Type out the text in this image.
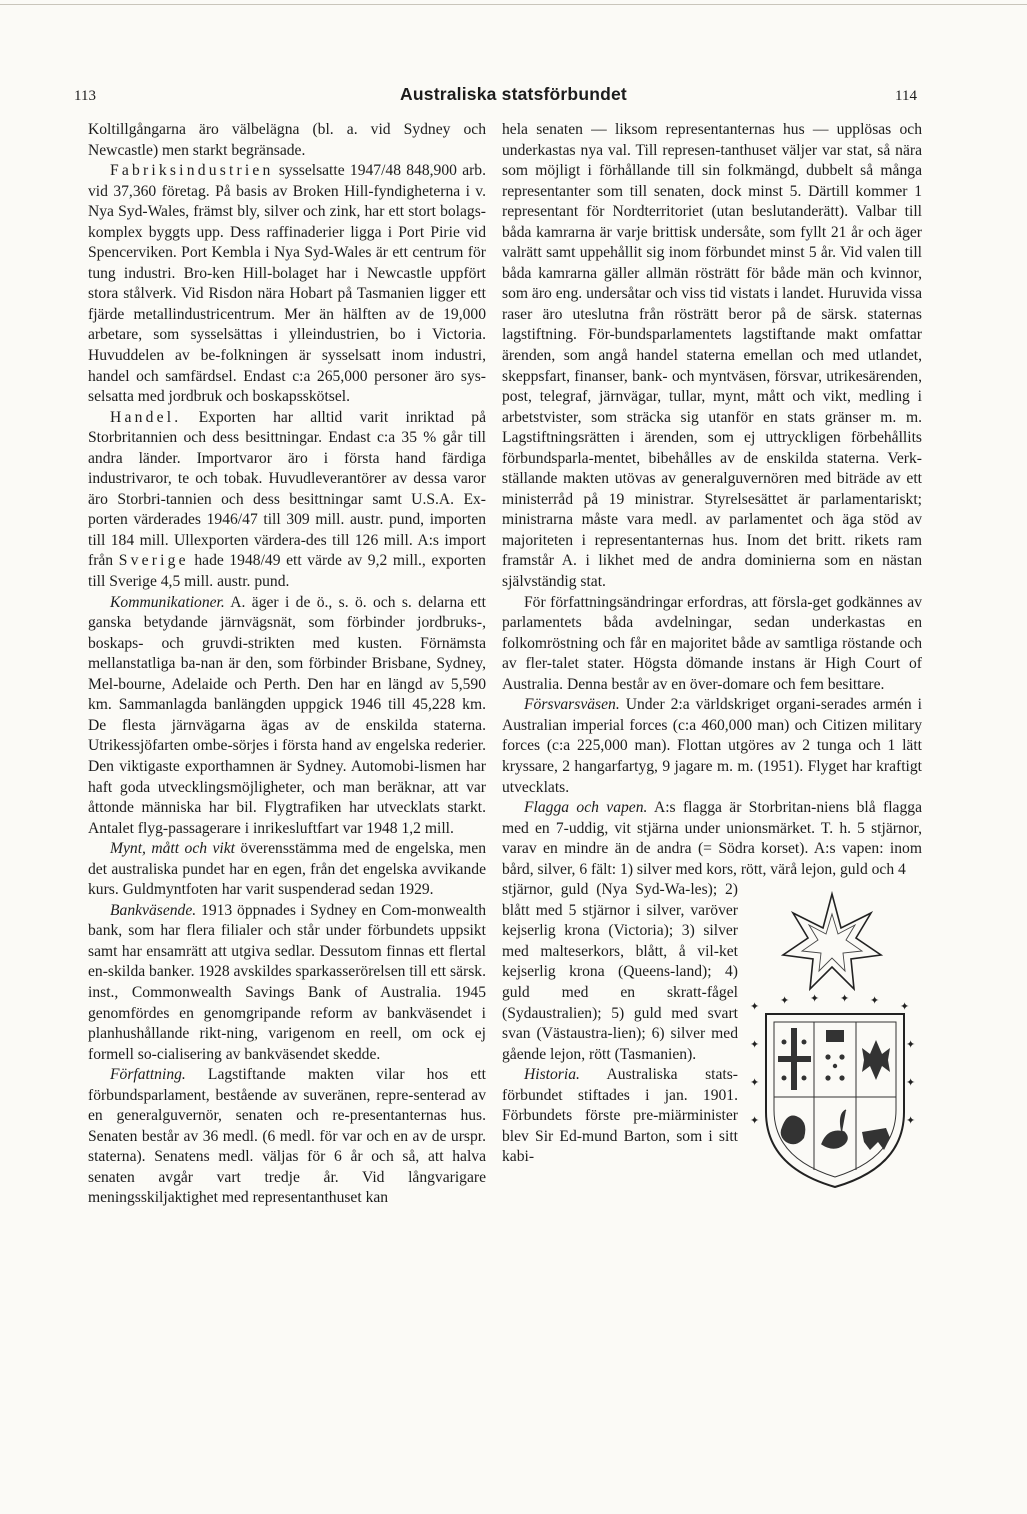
113	Australiska statsförbundet	114

Koltillgångarna äro välbelägna (bl. a. vid Sydney och Newcastle) men starkt begränsade.

Fabriksindustrien sysselsatte 1947/48 848,900 arb. vid 37,360 företag. På basis av Broken Hill-fyndigheterna i v. Nya Syd-Wales, främst bly, silver och zink, har ett stort bolags-komplex byggts upp. Dess raffinaderier ligga i Port Pirie vid Spencerviken. Port Kembla i Nya Syd-Wales är ett centrum för tung industri. Bro-ken Hill-bolaget har i Newcastle uppfört stora stålverk. Vid Risdon nära Hobart på Tasmanien ligger ett fjärde metallindustricentrum. Mer än hälften av de 19,000 arbetare, som sysselsättas i ylleindustrien, bo i Victoria. Huvuddelen av be-folkningen är sysselsatt inom industri, handel och samfärdsel. Endast c:a 265,000 personer äro sys-selsatta med jordbruk och boskapsskötsel.

Handel. Exporten har alltid varit inriktad på Storbritannien och dess besittningar. Endast c:a 35 % går till andra länder. Importvaror äro i första hand färdiga industrivaror, te och tobak. Huvudleverantörer av dessa varor äro Storbri-tannien och dess besittningar samt U.S.A. Ex-porten värderades 1946/47 till 309 mill. austr. pund, importen till 184 mill. Ullexporten värdera-des till 126 mill. A:s import från Sverige hade 1948/49 ett värde av 9,2 mill., exporten till Sverige 4,5 mill. austr. pund.

Kommunikationer. A. äger i de ö., s. ö. och s. delarna ett ganska betydande järnvägsnät, som förbinder jordbruks-, boskaps- och gruvdi-strikten med kusten. Förnämsta mellanstatliga ba-nan är den, som förbinder Brisbane, Sydney, Mel-bourne, Adelaide och Perth. Den har en längd av 5,590 km. Sammanlagda banlängden uppgick 1946 till 45,228 km. De flesta järnvägarna ägas av de enskilda staterna. Utrikessjöfarten ombe-sörjes i första hand av engelska rederier. Den viktigaste exporthamnen är Sydney. Automobi-lismen har haft goda utvecklingsmöjligheter, och man beräknar, att var åttonde människa har bil. Flygtrafiken har utvecklats starkt. Antalet flyg-passagerare i inrikesluftfart var 1948 1,2 mill.

Mynt, mått och vikt överensstämma med de engelska, men det australiska pundet har en egen, från det engelska avvikande kurs. Guldmyntfoten har varit suspenderad sedan 1929.

Bankväsende. 1913 öppnades i Sydney en Com-monwealth bank, som har flera filialer och står under förbundets uppsikt samt har ensamrätt att utgiva sedlar. Dessutom finnas ett flertal en-skilda banker. 1928 avskildes sparkasserörelsen till ett särsk. inst., Commonwealth Savings Bank of Australia. 1945 genomfördes en genomgripande reform av bankväsendet i planhushållande rikt-ning, varigenom en reell, om ock ej formell so-cialisering av bankväsendet skedde.

Författning. Lagstiftande makten vilar hos ett förbundsparlament, bestående av suveränen, repre-senterad av en generalguvernör, senaten och re-presentanternas hus. Senaten består av 36 medl. (6 medl. för var och en av de urspr. staterna). Senatens medl. väljas för 6 år och så, att halva senaten avgår vart tredje år. Vid långvarigare meningsskiljaktighet med representanthuset kan

hela senaten — liksom representanternas hus — upplösas och underkastas nya val. Till represen-tanthuset väljer var stat, så nära som möjligt i förhållande till sin folkmängd, dubbelt så många representanter som till senaten, dock minst 5. Därtill kommer 1 representant för Nordterritoriet (utan beslutanderätt). Valbar till båda kamrarna är varje brittisk undersåte, som fyllt 21 år och äger valrätt samt uppehållit sig inom förbundet minst 5 år. Vid valen till båda kamrarna gäller allmän rösträtt för både män och kvinnor, som äro eng. undersåtar och viss tid vistats i landet. Huruvida vissa raser äro uteslutna från rösträtt beror på de särsk. staternas lagstiftning. För-bundsparlamentets lagstiftande makt omfattar ärenden, som angå handel staterna emellan och med utlandet, skeppsfart, finanser, bank- och myntväsen, försvar, utrikesärenden, post, telegraf, järnvägar, tullar, mynt, mått och vikt, medling i arbetstvister, som sträcka sig utanför en stats gränser m. m. Lagstiftningsrätten i ärenden, som ej uttryckligen förbehållits förbundsparla-mentet, bibehålles av de enskilda staterna. Verk-ställande makten utövas av generalguvernören med biträde av ett ministerråd på 19 ministrar. Styrelsesättet är parlamentariskt; ministrarna måste vara medl. av parlamentet och äga stöd av majoriteten i representanternas hus. Inom det britt. rikets ram framstår A. i likhet med de andra dominierna som en nästan självständig stat.

För författningsändringar erfordras, att försla-get godkännes av parlamentets båda avdelningar, sedan underkastas en folkomröstning och får en majoritet både av samtliga röstande och av fler-talet stater. Högsta dömande instans är High Court of Australia. Denna består av en över-domare och fem besittare.

Försvarsväsen. Under 2:a världskriget organi-serades armén i Australian imperial forces (c:a 460,000 man) och Citizen military forces (c:a 225,000 man). Flottan utgöres av 2 tunga och 1 lätt kryssare, 2 hangarfartyg, 9 jagare m. m. (1951). Flyget har kraftigt utvecklats.

Flagga och vapen. A:s flagga är Storbritan-niens blå flagga med en 7-uddig, vit stjärna under unionsmärket. T. h. 5 stjärnor, varav en mindre än de andra (= Södra korset). A:s vapen: inom bård, silver, 6 fält: 1) silver med kors, rött, värå lejon, guld och 4

✦ ✦ ✦ ✦ ✦ ✦
✦
✦
✦
✦
✦
✦

stjärnor, guld (Nya Syd-Wa-les); 2) blått med 5 stjärnor i silver, varöver kejserlig krona (Victoria); 3) silver med malteserkors, blått, å vil-ket kejserlig krona (Queens-land); 4) guld med en skratt-fågel (Sydaustralien); 5) guld med svart svan (Västaustra-lien); 6) silver med gående lejon, rött (Tasmanien).

Historia. Australiska stats-förbundet stiftades i jan. 1901. Förbundets förste pre-miärminister blev Sir Ed-mund Barton, som i sitt kabi-
